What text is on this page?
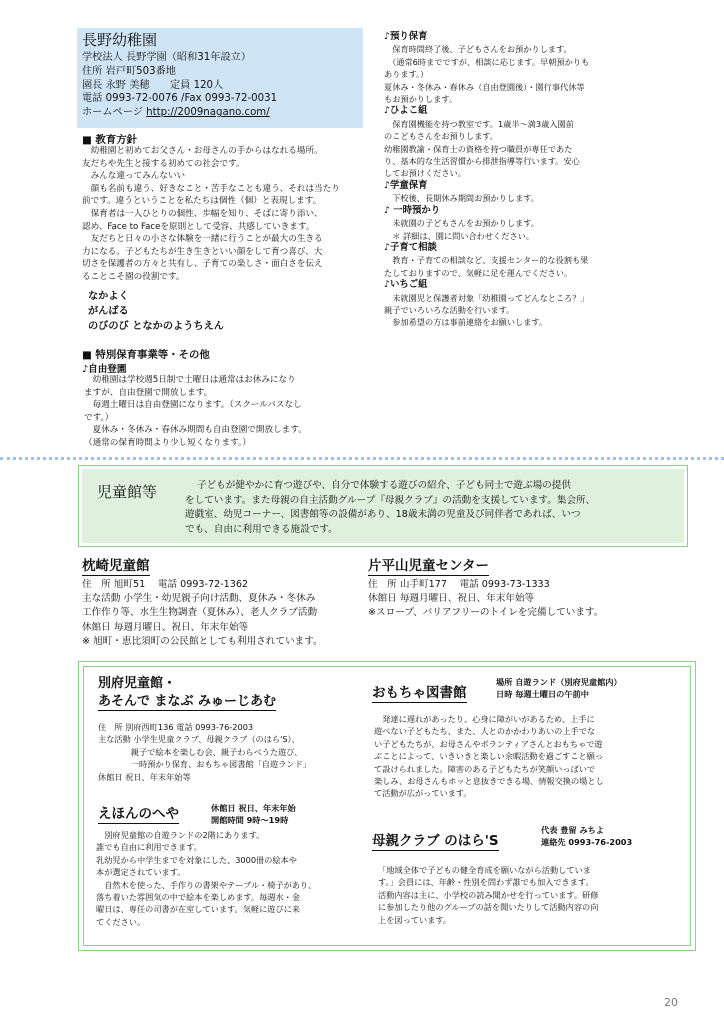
長野幼稚園
学校法人 長野学園（昭和31年設立）
住所 岩戸町503番地
園長 永野 美穂　　定員 120人
電話 0993-72-0076 /Fax 0993-72-0031
ホームページ http://2009nagano.com/
■ 教育方針
　幼稚園と初めてお父さん・お母さんの手からはなれる場所。
友だちや先生と接する初めての社会です。
　みんな違ってみんないい
　顔も名前も違う、好きなこと・苦手なことも違う、それは当たり
前です。違うということを私たちは個性（個）と表現します。
　保育者は一人ひとりの個性、歩幅を知り、そばに寄り添い、
認め、Face to Faceを原則として受容、共感していきます。
　友だちと日々の小さな体験を一緒に行うことが最大の生きる
力になる。子どもたちが生き生きといい顔をして育つ喜び、大
切さを保護者の方々と共有し、子育ての楽しさ・面白さを伝え
ることこそ園の役割です。
なかよく
がんばる
のびのび となかのようちえん
■ 特別保育事業等・その他
♪自由登園
　幼稚園は学校週5日制で土曜日は通常はお休みになり
ますが、自由登園で開放します。
　毎週土曜日は自由登園になります。（スクールバスなし
です。）
　夏休み・冬休み・春休み期間も自由登園で開放します。
（通常の保育時間より少し短くなります。）
♪預り保育
　保育時間終了後、子どもさんをお預かりします。
　（通常6時までですが、相談に応じます。早朝預かりも
あります。）
夏休み・冬休み・春休み（自由登園後）・園行事代休等
もお預かりします。
♪ひよこ組
　保育園機能を持つ教室です。1歳半～満3歳入園前
のこどもさんをお預りします。
幼稚園教諭・保育士の資格を持つ職員が専任であた
り、基本的な生活習慣から排泄指導等行います。安心
してお預けください。
♪学童保育
　下校後、長期休み期間お預かりします。
♪ 一時預かり
　未就園の子どもさんをお預かりします。
　＊ 詳細は、園に問い合わせください。
♪子育て相談
　教育・子育ての相談など、支援センター的な役割も果
たしておりますので、気軽に足を運んでください。
♪いちご組
　未就園児と保護者対象「幼稚園ってどんなところ？」
親子でいろいろな活動を行います。
　参加希望の方は事前連絡をお願いします。
児童館等	子どもが健やかに育つ遊びや、自分で体験する遊びの紹介、子ども同士で遊ぶ場の提供
をしています。また母親の自主活動グループ『母親クラブ』の活動を支援しています。集会所、
遊戯室、幼児コーナー、図書館等の設備があり、18歳未満の児童及び同伴者であれば、いつ
でも、自由に利用できる施設です。
枕崎児童館
住　所 旭町51　 電話 0993-72-1362
主な活動 小学生・幼児親子向け活動、夏休み・冬休み
工作作り等、水生生物調査（夏休み）、老人クラブ活動
休館日 毎週月曜日、祝日、年末年始等
※ 旭町・恵比須町の公民館としても利用されています。
片平山児童センター
住　所 山手町177　 電話 0993-73-1333
休館日 毎週月曜日、祝日、年末年始等
※スロープ、バリアフリーのトイレを完備しています。
別府児童館・
あそんで まなぶ みゅーじあむ
住　所 別府西町136 電話 0993-76-2003
主な活動 小学生児童クラブ、母親クラブ（のはら'S）、
　　　　親子で絵本を楽しむ会、親子わらべうた遊び、
　　　　一時預かり保育、おもちゃ図書館「自遊ランド」
休館日 祝日、年末年始等
えほんのへや	休館日 祝日、年末年始
開館時間 9時～19時
　別府児童館の自遊ランドの2階にあります。
誰でも自由に利用できます。
乳幼児から中学生までを対象にした、3000冊の絵本や
本が選定されています。
　自然木を使った、手作りの書架やテーブル・椅子があり、
落ち着いた雰囲気の中で絵本を楽しめます。毎週水・金
曜日は、専任の司書が在室しています。気軽に遊びに来
てください。
おもちゃ図書館
場所 自遊ランド（別府児童館内）
日時 毎週土曜日の午前中
　発達に遅れがあったり、心身に障がいがあるため、上手に
遊べない子どもたち、また、人とのかかわりあいの上手でな
い子どもたちが、お母さんやボランティアさんとおもちゃで遊
ぶことによって、いきいきと楽しい余暇活動を過ごすこと願っ
て設けられました。障害のある子どもたちが笑顔いっぱいで
楽しみ、お母さんもホッと息抜きできる場、情報交換の場とし
て活動が広がっています。
母親クラブ のはら'S
代表 豊留 みちよ
連絡先 0993-76-2003
「地域全体で子どもの健全育成を願いながら活動していま
す。」会員には、年齢・性別を問わず誰でも加入できます。
活動内容は主に、小学校の読み聞かせを行っています。研修
に参加したり他のグループの話を聞いたりして活動内容の向
上を図っています。
20
